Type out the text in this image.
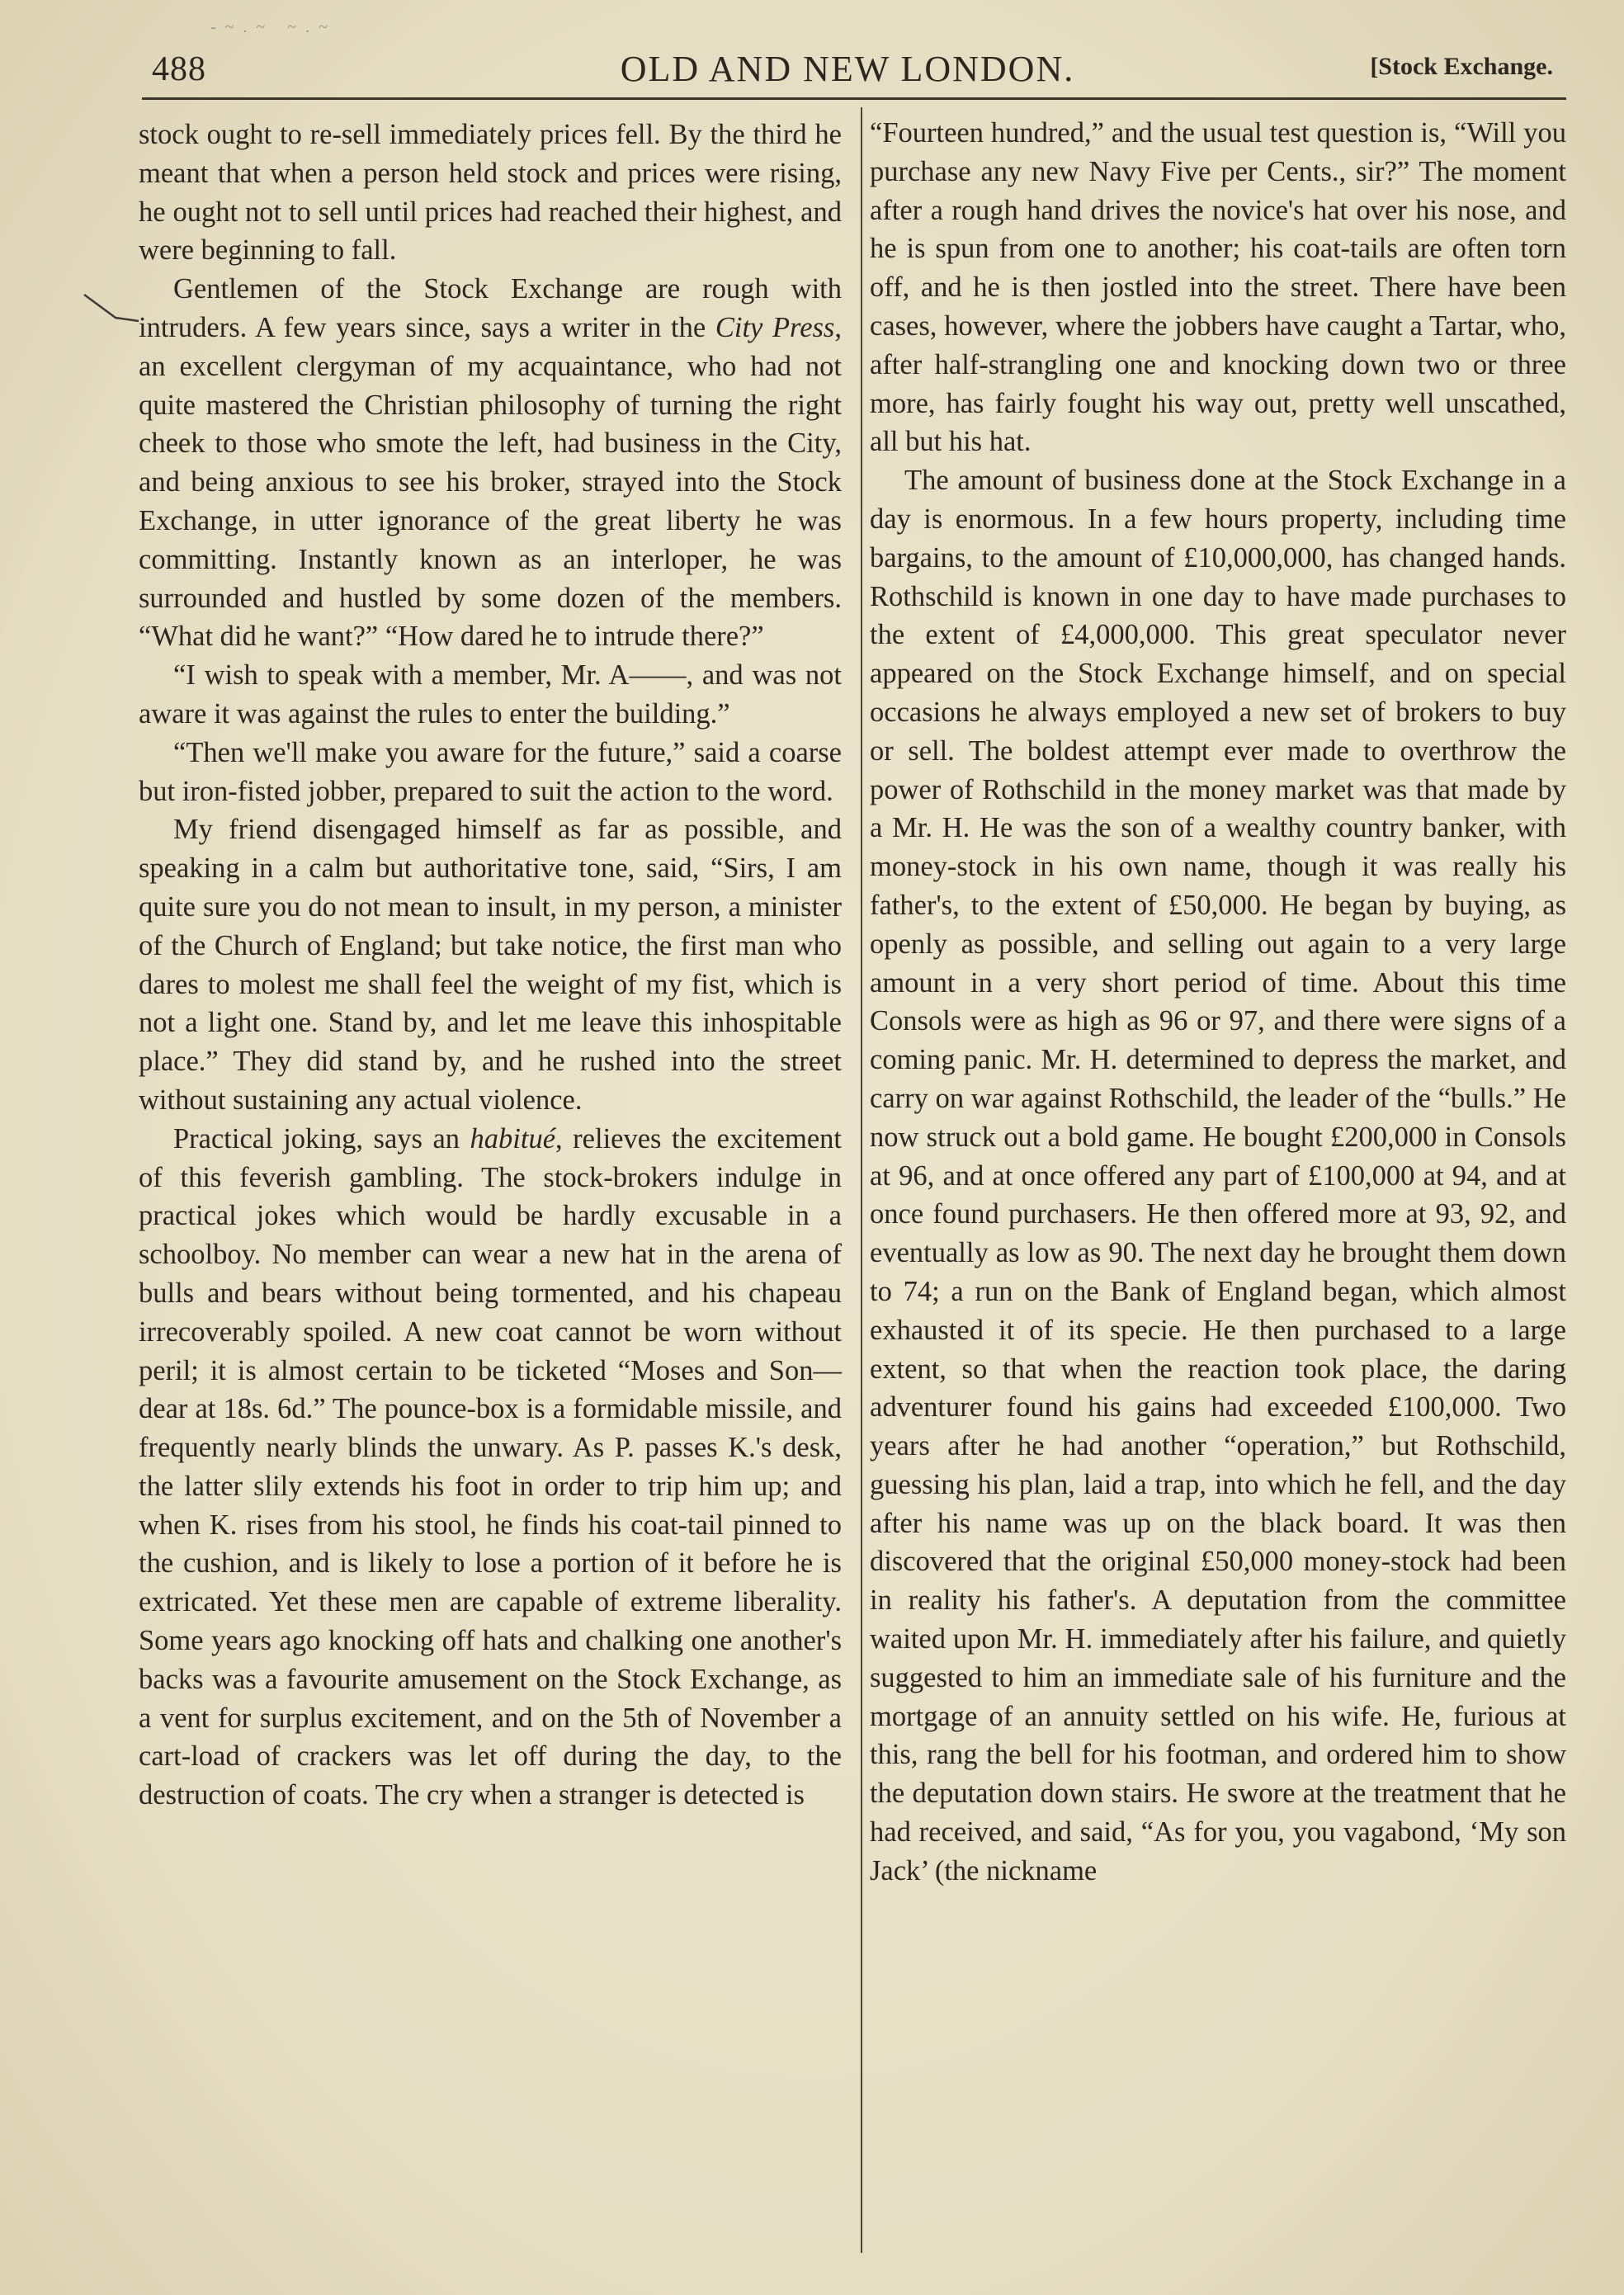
- ~ . ~   ~ . ~
488	OLD AND NEW LONDON.	[Stock Exchange.

stock ought to re-sell immediately prices fell. By the third he meant that when a person held stock and prices were rising, he ought not to sell until prices had reached their highest, and were beginning to fall.

Gentlemen of the Stock Exchange are rough with intruders. A few years since, says a writer in the City Press, an excellent clergyman of my acquaintance, who had not quite mastered the Christian philosophy of turning the right cheek to those who smote the left, had business in the City, and being anxious to see his broker, strayed into the Stock Exchange, in utter ignorance of the great liberty he was committing. Instantly known as an interloper, he was surrounded and hustled by some dozen of the members. “What did he want?” “How dared he to intrude there?”

“I wish to speak with a member, Mr. A——, and was not aware it was against the rules to enter the building.”

“Then we'll make you aware for the future,” said a coarse but iron-fisted jobber, prepared to suit the action to the word.

My friend disengaged himself as far as possible, and speaking in a calm but authoritative tone, said, “Sirs, I am quite sure you do not mean to insult, in my person, a minister of the Church of England; but take notice, the first man who dares to molest me shall feel the weight of my fist, which is not a light one. Stand by, and let me leave this inhospitable place.” They did stand by, and he rushed into the street without sustaining any actual violence.

Practical joking, says an habitué, relieves the excitement of this feverish gambling. The stock-brokers indulge in practical jokes which would be hardly excusable in a schoolboy. No member can wear a new hat in the arena of bulls and bears without being tormented, and his chapeau irrecoverably spoiled. A new coat cannot be worn without peril; it is almost certain to be ticketed “Moses and Son—dear at 18s. 6d.” The pounce-box is a formidable missile, and frequently nearly blinds the unwary. As P. passes K.'s desk, the latter slily extends his foot in order to trip him up; and when K. rises from his stool, he finds his coat-tail pinned to the cushion, and is likely to lose a portion of it before he is extricated. Yet these men are capable of extreme liberality. Some years ago knocking off hats and chalking one another's backs was a favourite amusement on the Stock Exchange, as a vent for surplus excitement, and on the 5th of November a cart-load of crackers was let off during the day, to the destruction of coats. The cry when a stranger is detected is

“Fourteen hundred,” and the usual test question is, “Will you purchase any new Navy Five per Cents., sir?” The moment after a rough hand drives the novice's hat over his nose, and he is spun from one to another; his coat-tails are often torn off, and he is then jostled into the street. There have been cases, however, where the jobbers have caught a Tartar, who, after half-strangling one and knocking down two or three more, has fairly fought his way out, pretty well unscathed, all but his hat.

The amount of business done at the Stock Exchange in a day is enormous. In a few hours property, including time bargains, to the amount of £10,000,000, has changed hands. Rothschild is known in one day to have made purchases to the extent of £4,000,000. This great speculator never appeared on the Stock Exchange himself, and on special occasions he always employed a new set of brokers to buy or sell. The boldest attempt ever made to overthrow the power of Rothschild in the money market was that made by a Mr. H. He was the son of a wealthy country banker, with money-stock in his own name, though it was really his father's, to the extent of £50,000. He began by buying, as openly as possible, and selling out again to a very large amount in a very short period of time. About this time Consols were as high as 96 or 97, and there were signs of a coming panic. Mr. H. determined to depress the market, and carry on war against Rothschild, the leader of the “bulls.” He now struck out a bold game. He bought £200,000 in Consols at 96, and at once offered any part of £100,000 at 94, and at once found purchasers. He then offered more at 93, 92, and eventually as low as 90. The next day he brought them down to 74; a run on the Bank of England began, which almost exhausted it of its specie. He then purchased to a large extent, so that when the reaction took place, the daring adventurer found his gains had exceeded £100,000. Two years after he had another “operation,” but Rothschild, guessing his plan, laid a trap, into which he fell, and the day after his name was up on the black board. It was then discovered that the original £50,000 money-stock had been in reality his father's. A deputation from the committee waited upon Mr. H. immediately after his failure, and quietly suggested to him an immediate sale of his furniture and the mortgage of an annuity settled on his wife. He, furious at this, rang the bell for his footman, and ordered him to show the deputation down stairs. He swore at the treatment that he had received, and said, “As for you, you vagabond, ‘My son Jack’ (the nickname
